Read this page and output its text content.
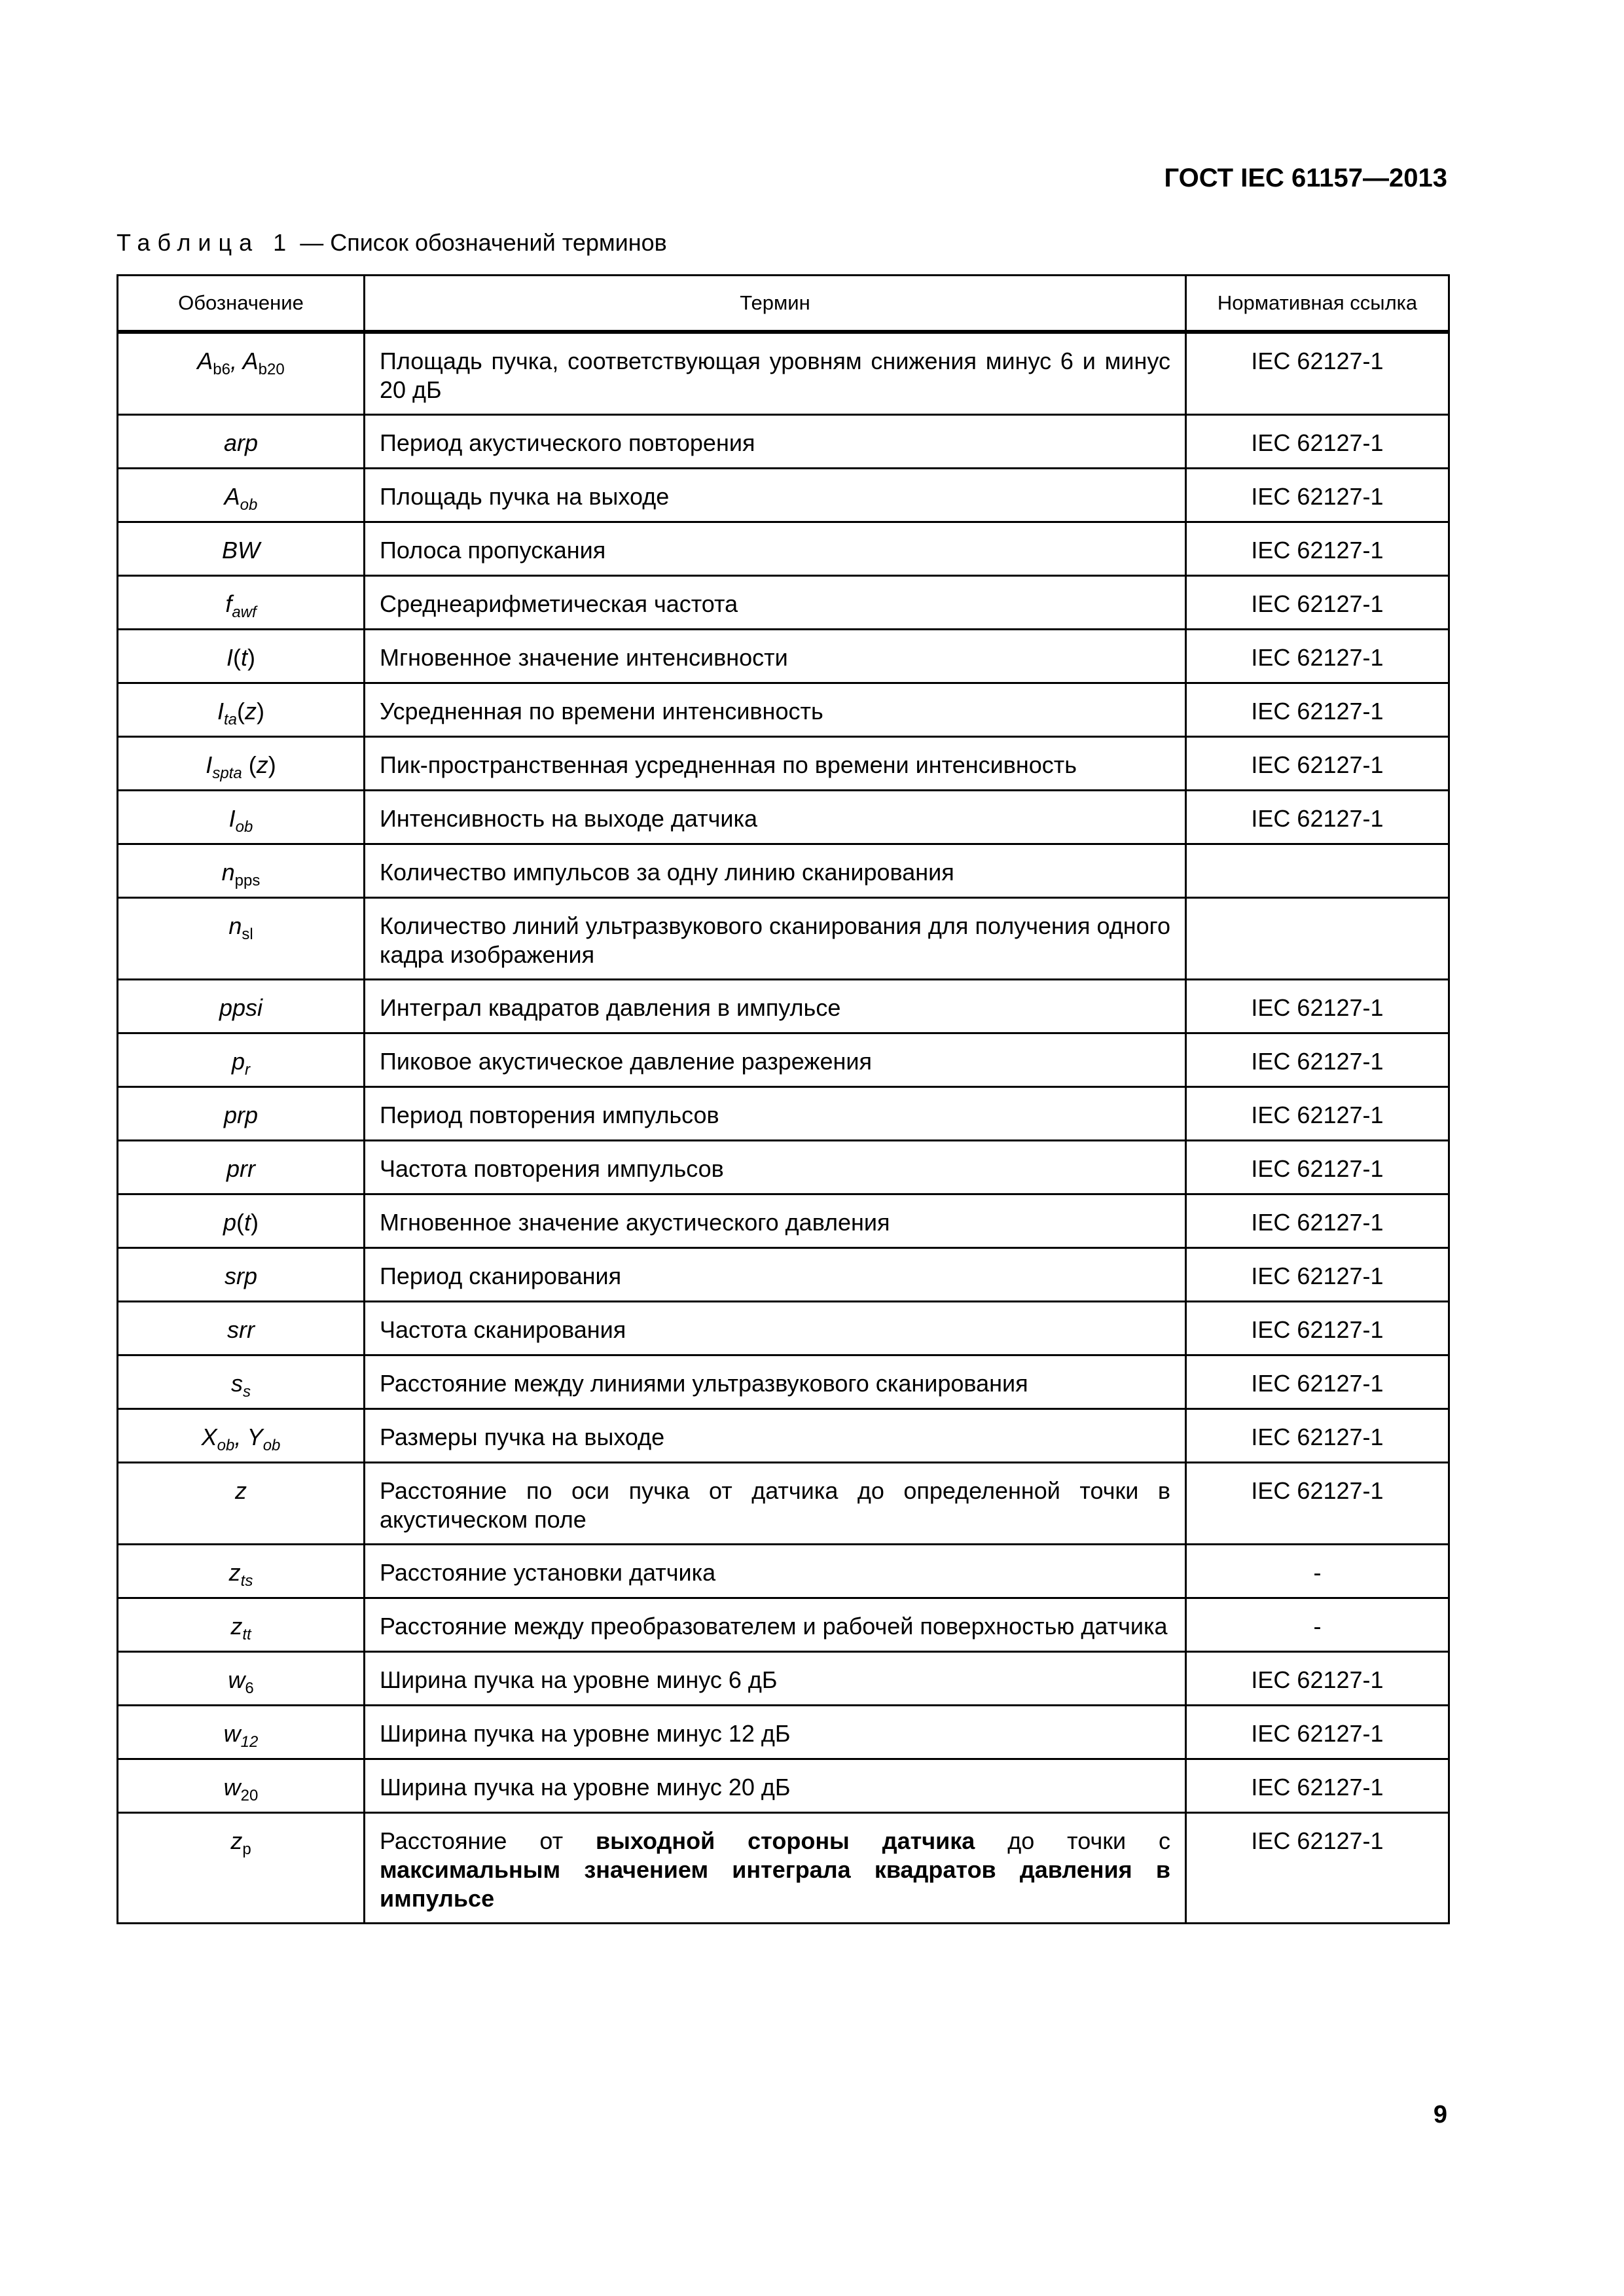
ГОСТ IEC 61157—2013
Таблица 1 — Список обозначений терминов
Обозначение	Термин	Нормативная ссылка
$A_{b6}$, $A_{b20}$	Площадь пучка, соответствующая уровням снижения минус 6 и минус 20 дБ	IEC 62127-1
arp	Период акустического повторения	IEC 62127-1
$A_{ob}$	Площадь пучка на выходе	IEC 62127-1
BW	Полоса пропускания	IEC 62127-1
$f_{awf}$	Среднеарифметическая частота	IEC 62127-1
I(t)	Мгновенное значение интенсивности	IEC 62127-1
$I_{ta}(z)$	Усредненная по времени интенсивность	IEC 62127-1
$I_{spta}$ (z)	Пик-пространственная усредненная по времени интенсивность	IEC 62127-1
$I_{ob}$	Интенсивность на выходе датчика	IEC 62127-1
$n_{pps}$	Количество импульсов за одну линию сканирования	
$n_{sl}$	Количество линий ультразвукового сканирования для получения одного кадра изображения	
ppsi	Интеграл квадратов давления в импульсе	IEC 62127-1
$p_r$	Пиковое акустическое давление разрежения	IEC 62127-1
prp	Период повторения импульсов	IEC 62127-1
prr	Частота повторения импульсов	IEC 62127-1
p(t)	Мгновенное значение акустического давления	IEC 62127-1
srp	Период сканирования	IEC 62127-1
srr	Частота сканирования	IEC 62127-1
$s_s$	Расстояние между линиями ультразвукового сканирования	IEC 62127-1
$X_{ob}$, $Y_{ob}$	Размеры пучка на выходе	IEC 62127-1
z	Расстояние по оси пучка от датчика до определенной точки в акустическом поле	IEC 62127-1
$z_{ts}$	Расстояние установки датчика	-
$z_{tt}$	Расстояние между преобразователем и рабочей поверхностью датчика	-
$w_6$	Ширина пучка на уровне минус 6 дБ	IEC 62127-1
$w_{12}$	Ширина пучка на уровне минус 12 дБ	IEC 62127-1
$w_{20}$	Ширина пучка на уровне минус 20 дБ	IEC 62127-1
$z_p$	Расстояние от выходной стороны датчика до точки с максимальным значением интеграла квадратов давления в импульсе	IEC 62127-1
9
